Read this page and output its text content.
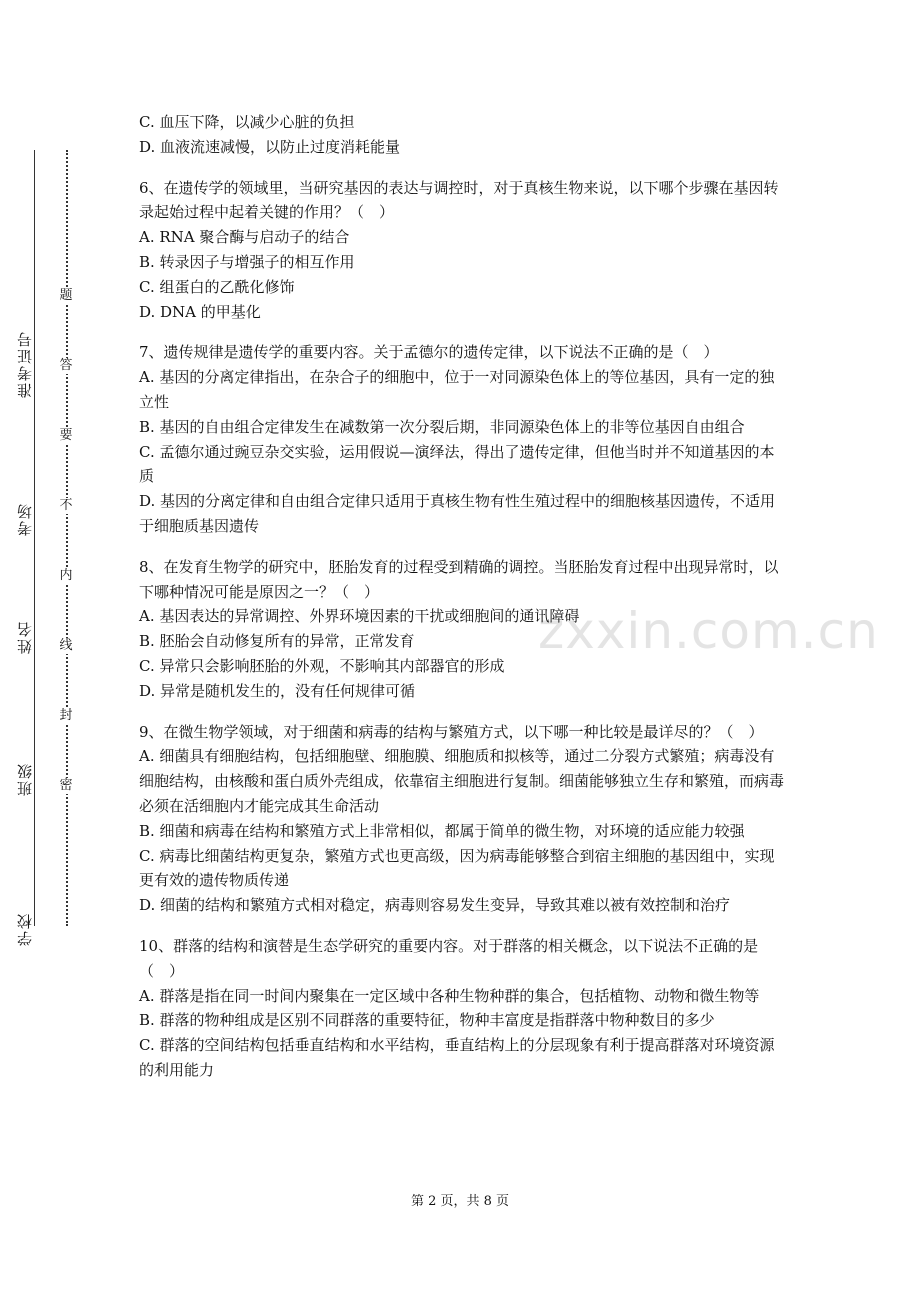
准考证号
考场
姓名
班级
学校
题
答
要
不
内
线
封
密
zxxin.com.cn

C. 血压下降，以减少心脏的负担

D. 血液流速减慢，以防止过度消耗能量

6、在遗传学的领域里，当研究基因的表达与调控时，对于真核生物来说，以下哪个步骤在基因转录起始过程中起着关键的作用？（　）

A. RNA 聚合酶与启动子的结合

B. 转录因子与增强子的相互作用

C. 组蛋白的乙酰化修饰

D. DNA 的甲基化

7、遗传规律是遗传学的重要内容。关于孟德尔的遗传定律，以下说法不正确的是（　）

A. 基因的分离定律指出，在杂合子的细胞中，位于一对同源染色体上的等位基因，具有一定的独立性

B. 基因的自由组合定律发生在减数第一次分裂后期，非同源染色体上的非等位基因自由组合

C. 孟德尔通过豌豆杂交实验，运用假说—演绎法，得出了遗传定律，但他当时并不知道基因的本质

D. 基因的分离定律和自由组合定律只适用于真核生物有性生殖过程中的细胞核基因遗传，不适用于细胞质基因遗传

8、在发育生物学的研究中，胚胎发育的过程受到精确的调控。当胚胎发育过程中出现异常时，以下哪种情况可能是原因之一？（　）

A. 基因表达的异常调控、外界环境因素的干扰或细胞间的通讯障碍

B. 胚胎会自动修复所有的异常，正常发育

C. 异常只会影响胚胎的外观，不影响其内部器官的形成

D. 异常是随机发生的，没有任何规律可循

9、在微生物学领域，对于细菌和病毒的结构与繁殖方式，以下哪一种比较是最详尽的？（　）

A. 细菌具有细胞结构，包括细胞壁、细胞膜、细胞质和拟核等，通过二分裂方式繁殖；病毒没有细胞结构，由核酸和蛋白质外壳组成，依靠宿主细胞进行复制。细菌能够独立生存和繁殖，而病毒必须在活细胞内才能完成其生命活动

B. 细菌和病毒在结构和繁殖方式上非常相似，都属于简单的微生物，对环境的适应能力较强

C. 病毒比细菌结构更复杂，繁殖方式也更高级，因为病毒能够整合到宿主细胞的基因组中，实现更有效的遗传物质传递

D. 细菌的结构和繁殖方式相对稳定，病毒则容易发生变异，导致其难以被有效控制和治疗

10、群落的结构和演替是生态学研究的重要内容。对于群落的相关概念，以下说法不正确的是（　）

A. 群落是指在同一时间内聚集在一定区域中各种生物种群的集合，包括植物、动物和微生物等

B. 群落的物种组成是区别不同群落的重要特征，物种丰富度是指群落中物种数目的多少

C. 群落的空间结构包括垂直结构和水平结构，垂直结构上的分层现象有利于提高群落对环境资源的利用能力

第 2 页，共 8 页
